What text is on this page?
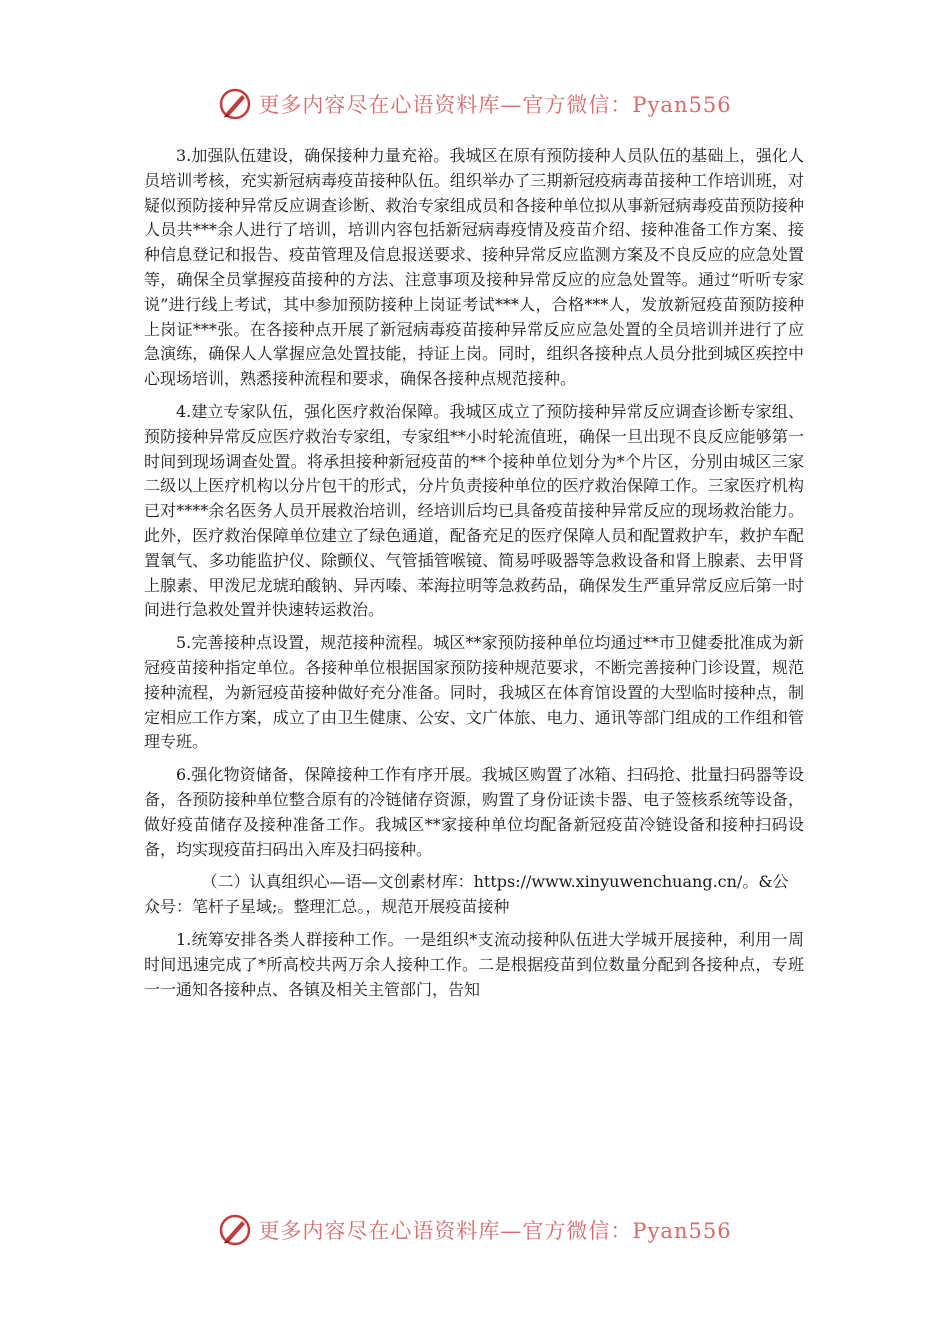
更多内容尽在心语资料库—官方微信：Pyan556

3.加强队伍建设，确保接种力量充裕。我城区在原有预防接种人员队伍的基础上，强化人员培训考核，充实新冠病毒疫苗接种队伍。组织举办了三期新冠疫病毒苗接种工作培训班，对疑似预防接种异常反应调查诊断、救治专家组成员和各接种单位拟从事新冠病毒疫苗预防接种人员共***余人进行了培训，培训内容包括新冠病毒疫情及疫苗介绍、接种准备工作方案、接种信息登记和报告、疫苗管理及信息报送要求、接种异常反应监测方案及不良反应的应急处置等，确保全员掌握疫苗接种的方法、注意事项及接种异常反应的应急处置等。通过“听听专家说”进行线上考试，其中参加预防接种上岗证考试***人，合格***人，发放新冠疫苗预防接种上岗证***张。在各接种点开展了新冠病毒疫苗接种异常反应应急处置的全员培训并进行了应急演练，确保人人掌握应急处置技能，持证上岗。同时，组织各接种点人员分批到城区疾控中心现场培训，熟悉接种流程和要求，确保各接种点规范接种。

4.建立专家队伍，强化医疗救治保障。我城区成立了预防接种异常反应调查诊断专家组、预防接种异常反应医疗救治专家组，专家组**小时轮流值班，确保一旦出现不良反应能够第一时间到现场调查处置。将承担接种新冠疫苗的**个接种单位划分为*个片区，分别由城区三家二级以上医疗机构以分片包干的形式，分片负责接种单位的医疗救治保障工作。三家医疗机构已对****余名医务人员开展救治培训，经培训后均已具备疫苗接种异常反应的现场救治能力。此外，医疗救治保障单位建立了绿色通道，配备充足的医疗保障人员和配置救护车，救护车配置氧气、多功能监护仪、除颤仪、气管插管喉镜、简易呼吸器等急救设备和肾上腺素、去甲肾上腺素、甲泼尼龙琥珀酸钠、异丙嗪、苯海拉明等急救药品，确保发生严重异常反应后第一时间进行急救处置并快速转运救治。

5.完善接种点设置，规范接种流程。城区**家预防接种单位均通过**市卫健委批准成为新冠疫苗接种指定单位。各接种单位根据国家预防接种规范要求，不断完善接种门诊设置，规范接种流程，为新冠疫苗接种做好充分准备。同时，我城区在体育馆设置的大型临时接种点，制定相应工作方案，成立了由卫生健康、公安、文广体旅、电力、通讯等部门组成的工作组和管理专班。

6.强化物资储备，保障接种工作有序开展。我城区购置了冰箱、扫码抢、批量扫码器等设备，各预防接种单位整合原有的冷链储存资源，购置了身份证读卡器、电子签核系统等设备，做好疫苗储存及接种准备工作。我城区**家接种单位均配备新冠疫苗冷链设备和接种扫码设备，均实现疫苗扫码出入库及扫码接种。

（二）认真组织心—语—文创素材库：https://www.xinyuwenchuang.cn/。&公众号：笔杆子星域;。整理汇总。，规范开展疫苗接种

1.统筹安排各类人群接种工作。一是组织*支流动接种队伍进大学城开展接种，利用一周时间迅速完成了*所高校共两万余人接种工作。二是根据疫苗到位数量分配到各接种点，专班一一通知各接种点、各镇及相关主管部门，告知

更多内容尽在心语资料库—官方微信：Pyan556
